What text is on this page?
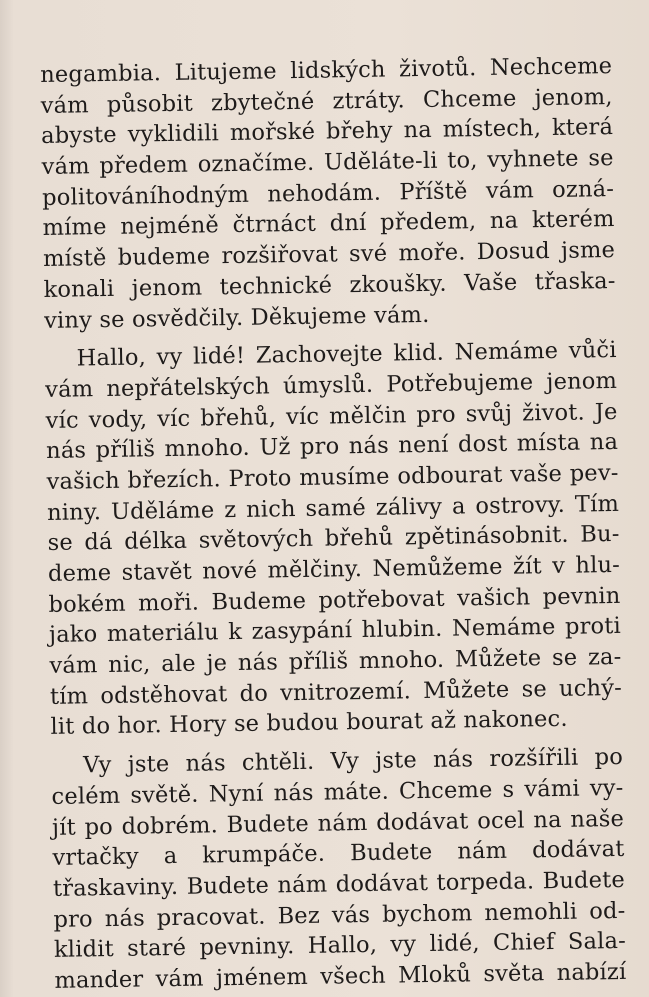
negambia. Litujeme lidských životů. Nechceme
vám působit zbytečné ztráty. Chceme jenom,
abyste vyklidili mořské břehy na místech, která
vám předem označíme. Uděláte-li to, vyhnete se
politováníhodným nehodám. Příště vám ozná-
míme nejméně čtrnáct dní předem, na kterém
místě budeme rozšiřovat své moře. Dosud jsme
konali jenom technické zkoušky. Vaše třaska-
viny se osvědčily. Děkujeme vám.
Hallo, vy lidé! Zachovejte klid. Nemáme vůči
vám nepřátelských úmyslů. Potřebujeme jenom
víc vody, víc břehů, víc mělčin pro svůj život. Je
nás příliš mnoho. Už pro nás není dost místa na
vašich březích. Proto musíme odbourat vaše pev-
niny. Uděláme z nich samé zálivy a ostrovy. Tím
se dá délka světových břehů zpětinásobnit. Bu-
deme stavět nové mělčiny. Nemůžeme žít v hlu-
bokém moři. Budeme potřebovat vašich pevnin
jako materiálu k zasypání hlubin. Nemáme proti
vám nic, ale je nás příliš mnoho. Můžete se za-
tím odstěhovat do vnitrozemí. Můžete se uchý-
lit do hor. Hory se budou bourat až nakonec.
Vy jste nás chtěli. Vy jste nás rozšířili po
celém světě. Nyní nás máte. Chceme s vámi vy-
jít po dobrém. Budete nám dodávat ocel na naše
vrtačky a krumpáče. Budete nám dodávat
třaskaviny. Budete nám dodávat torpeda. Budete
pro nás pracovat. Bez vás bychom nemohli od-
klidit staré pevniny. Hallo, vy lidé, Chief Sala-
mander vám jménem všech Mloků světa nabízí
